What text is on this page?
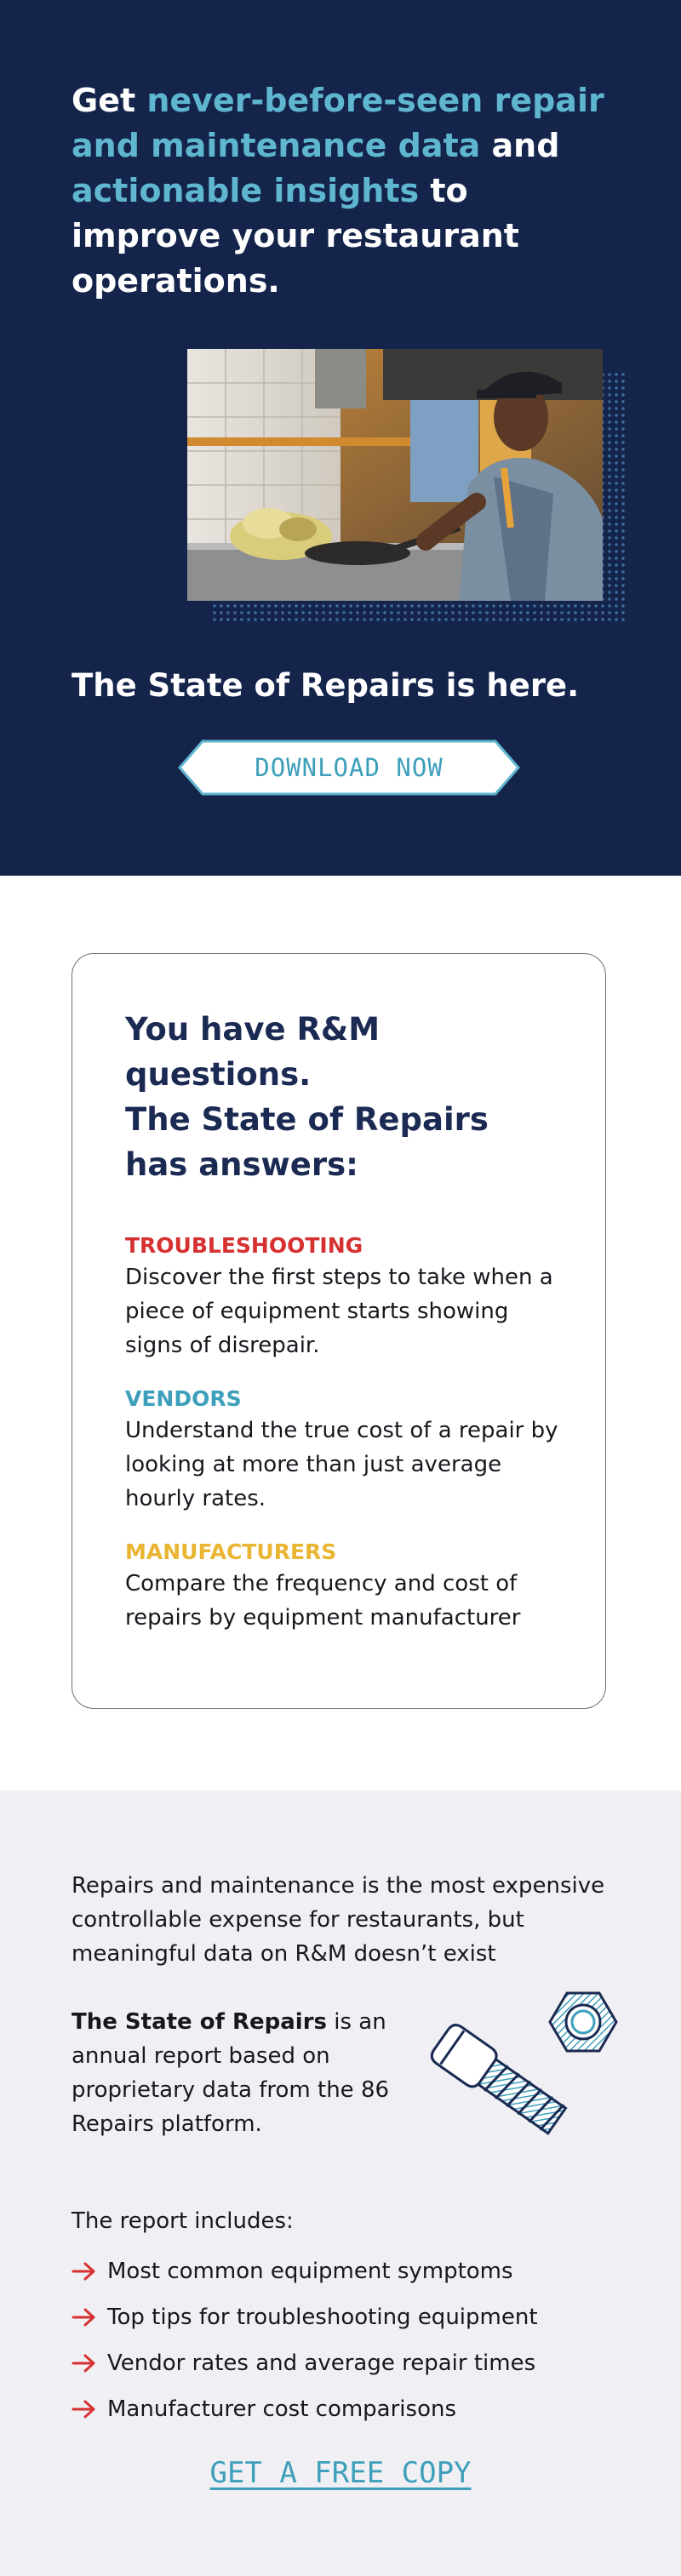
Get never-before-seen repair and maintenance data and actionable insights to improve your restaurant operations.
The State of Repairs is here.
DOWNLOAD NOW
You have R&M
questions.
The State of Repairs
has answers:

TROUBLESHOOTING

Discover the first steps to take when a piece of equipment starts showing signs of disrepair.

VENDORS

Understand the true cost of a repair by looking at more than just average hourly rates.

MANUFACTURERS

Compare the frequency and cost of repairs by equipment manufacturer

Repairs and maintenance is the most expensive controllable expense for restaurants, but meaningful data on R&M doesn’t exist

The State of Repairs is an annual report based on proprietary data from the 86 Repairs platform.

The report includes:

Most common equipment symptoms
Top tips for troubleshooting equipment
Vendor rates and average repair times
Manufacturer cost comparisons
GET A FREE COPY
